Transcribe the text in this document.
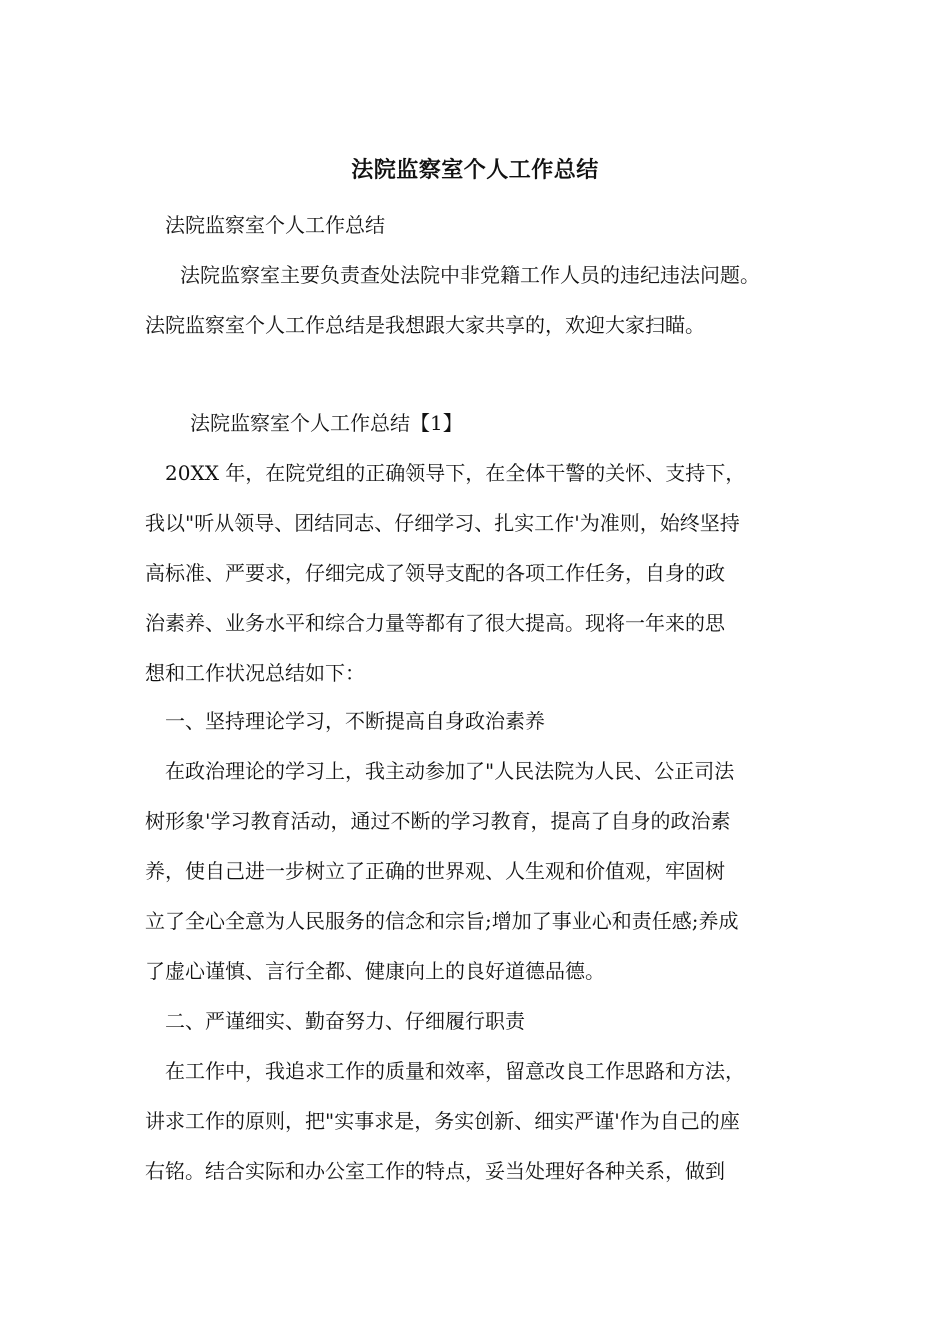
法院监察室个人工作总结
法院监察室个人工作总结
法院监察室主要负责查处法院中非党籍工作人员的违纪违法问题。
法院监察室个人工作总结是我想跟大家共享的，欢迎大家扫瞄。
法院监察室个人工作总结【1】
20XX 年，在院党组的正确领导下，在全体干警的关怀、支持下，
我以"听从领导、团结同志、仔细学习、扎实工作'为准则，始终坚持
高标准、严要求，仔细完成了领导支配的各项工作任务，自身的政
治素养、业务水平和综合力量等都有了很大提高。现将一年来的思
想和工作状况总结如下：
一、坚持理论学习，不断提高自身政治素养
在政治理论的学习上，我主动参加了"人民法院为人民、公正司法
树形象'学习教育活动，通过不断的学习教育，提高了自身的政治素
养，使自己进一步树立了正确的世界观、人生观和价值观，牢固树
立了全心全意为人民服务的信念和宗旨;增加了事业心和责任感;养成
了虚心谨慎、言行全都、健康向上的良好道德品德。
二、严谨细实、勤奋努力、仔细履行职责
在工作中，我追求工作的质量和效率，留意改良工作思路和方法，
讲求工作的原则，把"实事求是，务实创新、细实严谨'作为自己的座
右铭。结合实际和办公室工作的特点，妥当处理好各种关系，做到
